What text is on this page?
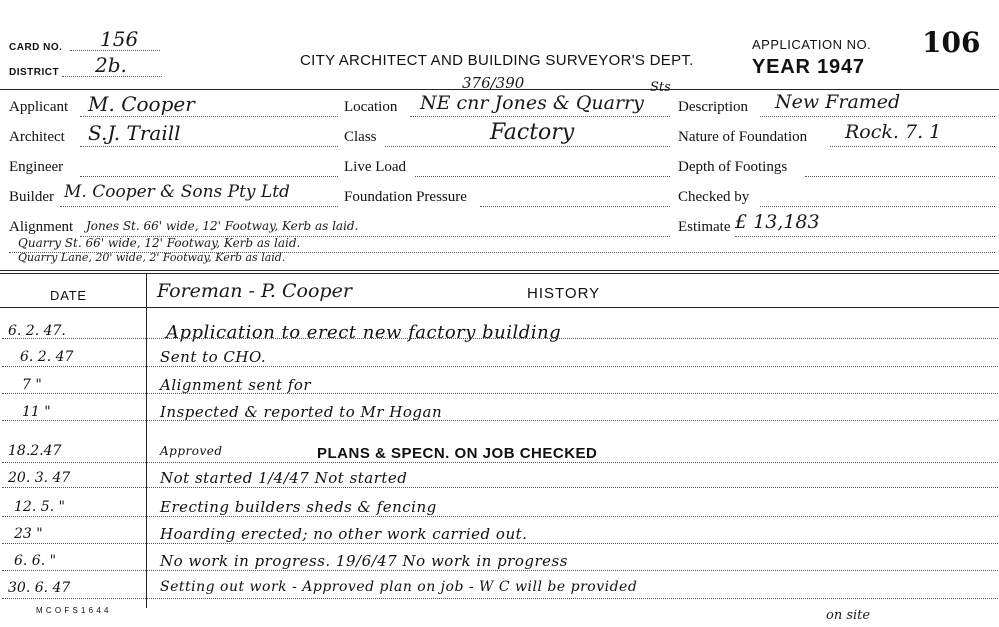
CARD NO. 156
DISTRICT 2b.	CITY ARCHITECT AND BUILDING SURVEYOR'S DEPT.
APPLICATION NO. 106
YEAR 1947
Applicant M. Cooper
Architect S.J. Traill
Engineer
Builder M. Cooper & Sons Pty Ltd
376/390	Sts
Location NE cnr Jones & Quarry
Class	Factory
Live Load
Foundation Pressure
Description New Framed
Nature of Foundation Rock. 7. 1
Depth of Footings
Checked by
Estimate £ 13,183
Alignment Jones St. 66' wide, 12' Footway, Kerb as laid.
Quarry St. 66' wide, 12' Footway, Kerb as laid.
Quarry Lane, 20' wide, 2' Footway, Kerb as laid.
DATE	Foreman - P. Cooper	HISTORY
6. 2. 47.	Application to erect new factory building
6. 2. 47	Sent to CHO.
7 "	Alignment sent for
11 "	Inspected & reported to Mr Hogan
18.2.47	Approved	PLANS & SPECN. ON JOB CHECKED
20. 3. 47	Not started 1/4/47 Not started
12. 5. "	Erecting builders sheds & fencing
23 "	Hoarding erected; no other work carried out.
6. 6. "	No work in progress. 19/6/47 No work in progress
30. 6. 47	Setting out work - Approved plan on job - W C will be provided
on site
M C O F S 1 6 4 4
